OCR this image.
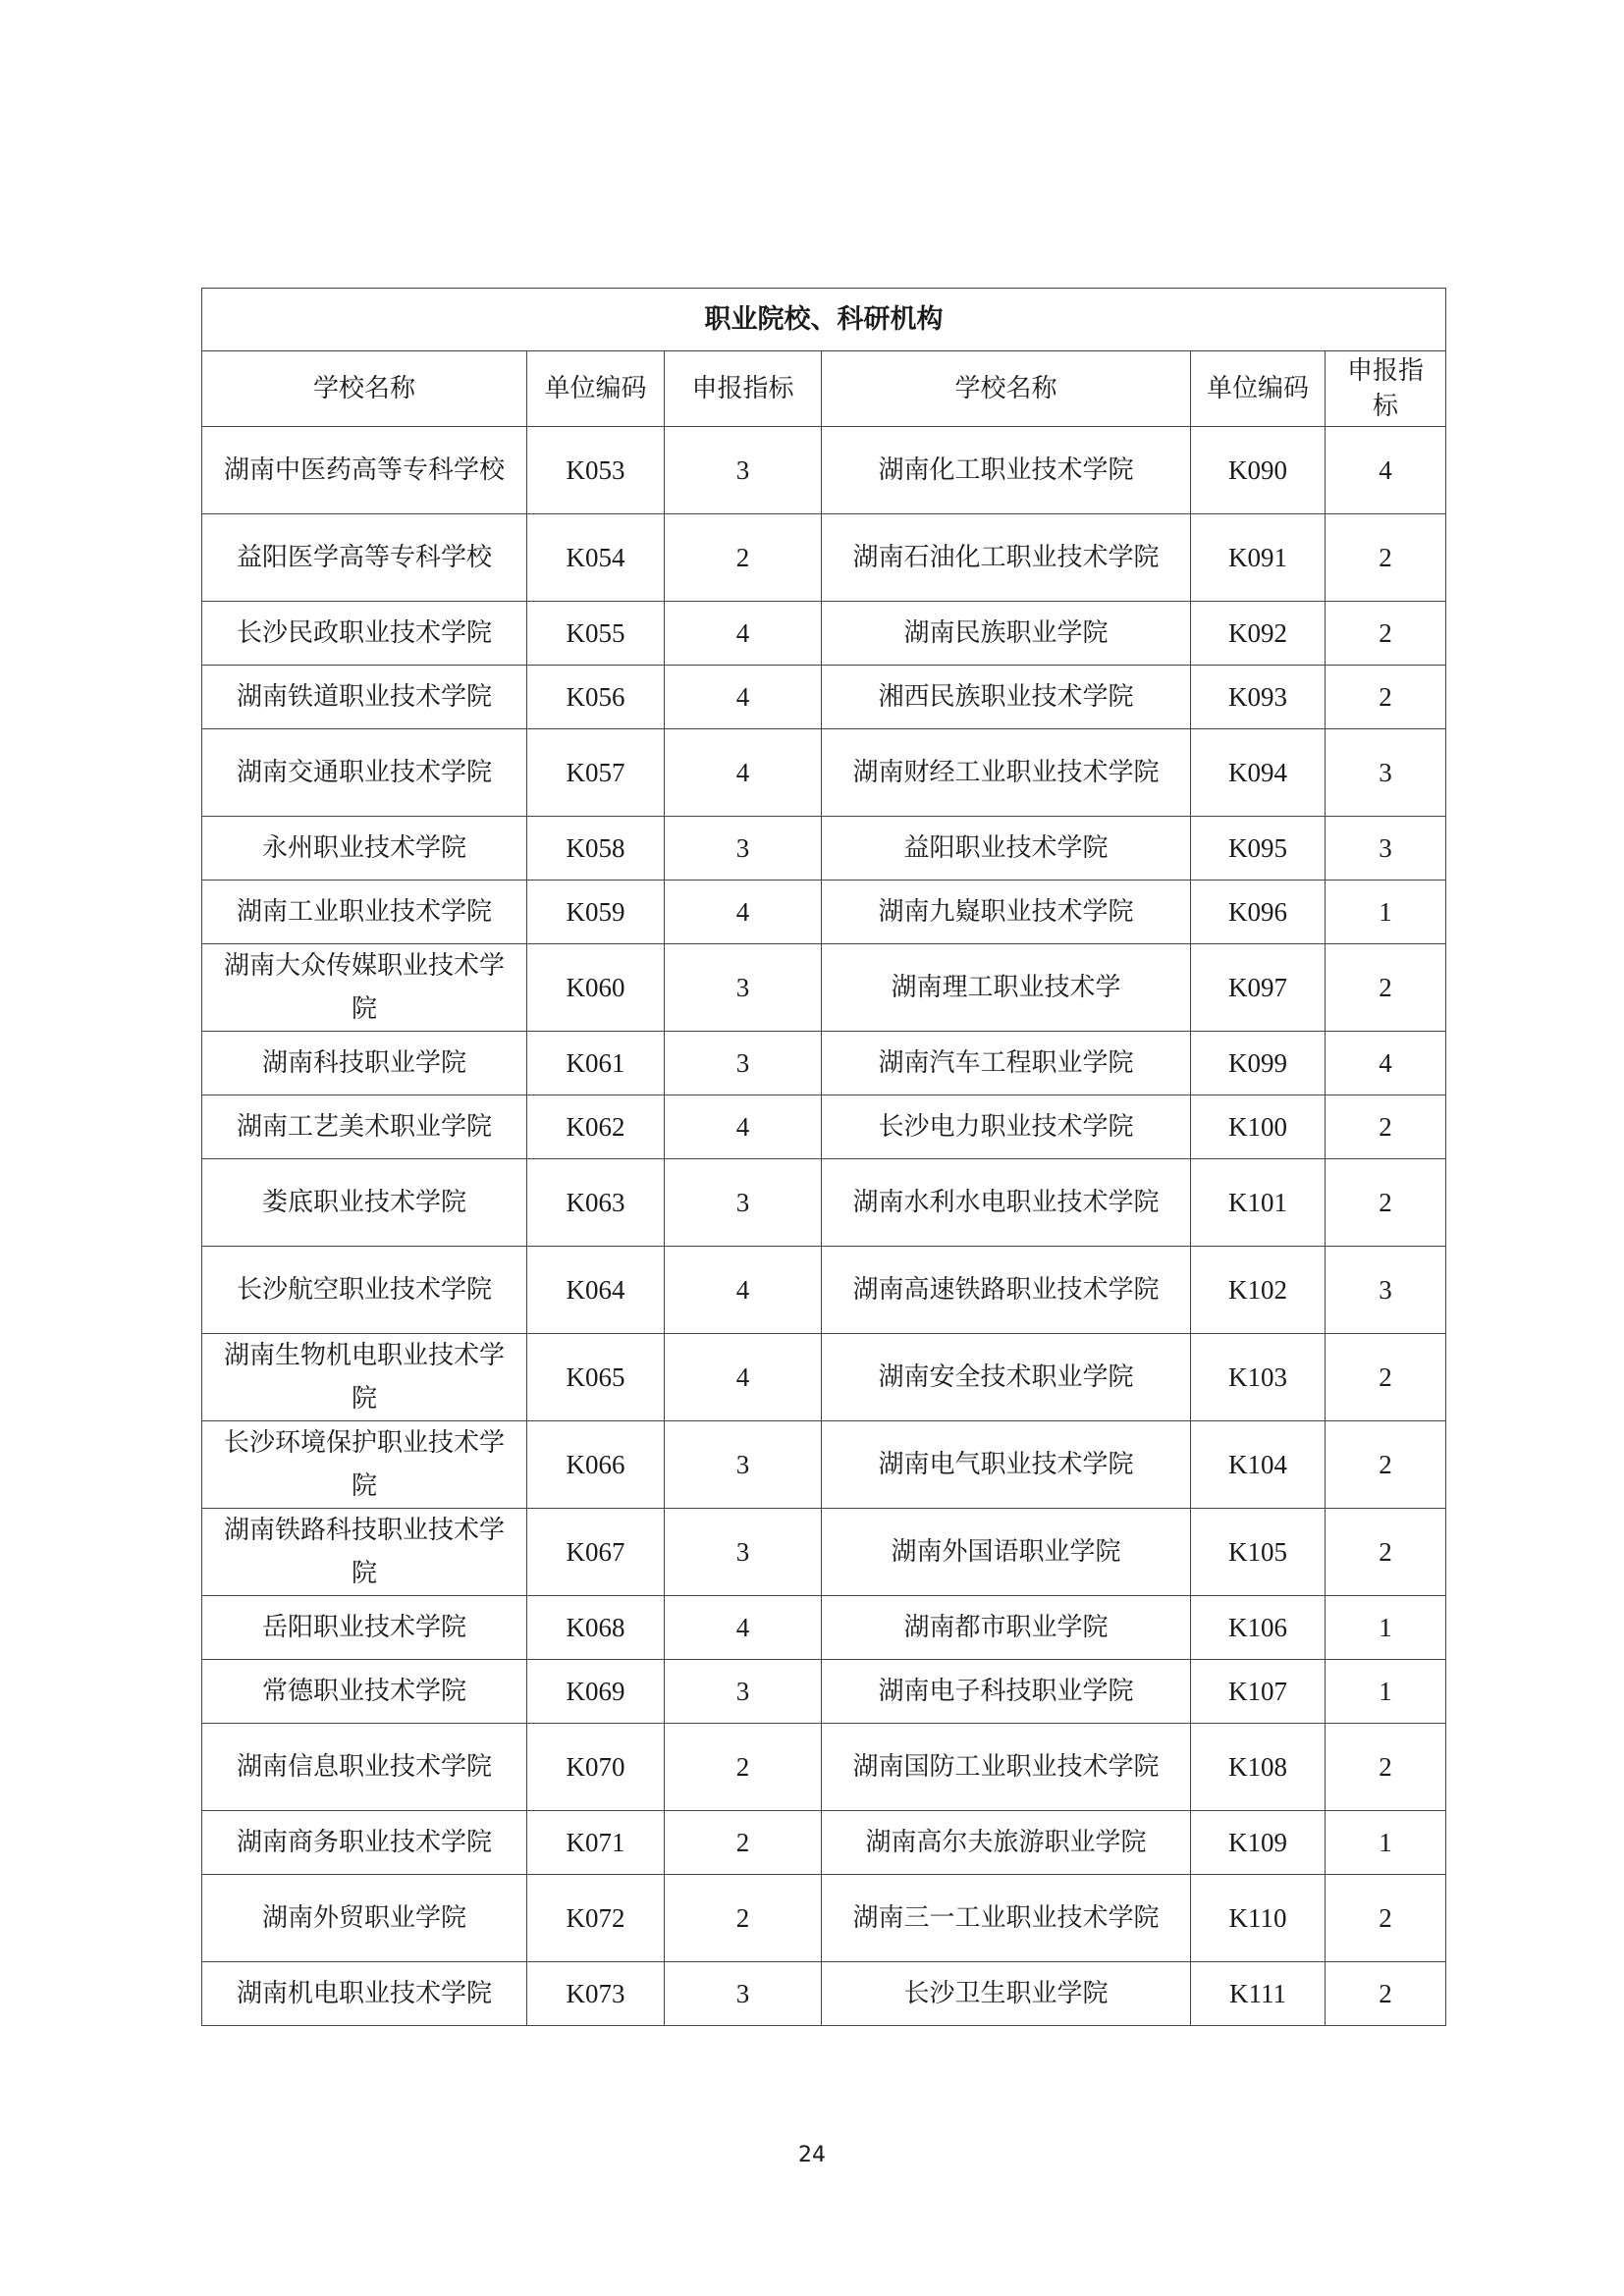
职业院校、科研机构					
学校名称	单位编码	申报指标	学校名称	单位编码	申报指标
湖南中医药高等专科学校	K053	3	湖南化工职业技术学院	K090	4
益阳医学高等专科学校	K054	2	湖南石油化工职业技术学院	K091	2
长沙民政职业技术学院	K055	4	湖南民族职业学院	K092	2
湖南铁道职业技术学院	K056	4	湘西民族职业技术学院	K093	2
湖南交通职业技术学院	K057	4	湖南财经工业职业技术学院	K094	3
永州职业技术学院	K058	3	益阳职业技术学院	K095	3
湖南工业职业技术学院	K059	4	湖南九嶷职业技术学院	K096	1
湖南大众传媒职业技术学院	K060	3	湖南理工职业技术学	K097	2
湖南科技职业学院	K061	3	湖南汽车工程职业学院	K099	4
湖南工艺美术职业学院	K062	4	长沙电力职业技术学院	K100	2
娄底职业技术学院	K063	3	湖南水利水电职业技术学院	K101	2
长沙航空职业技术学院	K064	4	湖南高速铁路职业技术学院	K102	3
湖南生物机电职业技术学院	K065	4	湖南安全技术职业学院	K103	2
长沙环境保护职业技术学院	K066	3	湖南电气职业技术学院	K104	2
湖南铁路科技职业技术学院	K067	3	湖南外国语职业学院	K105	2
岳阳职业技术学院	K068	4	湖南都市职业学院	K106	1
常德职业技术学院	K069	3	湖南电子科技职业学院	K107	1
湖南信息职业技术学院	K070	2	湖南国防工业职业技术学院	K108	2
湖南商务职业技术学院	K071	2	湖南高尔夫旅游职业学院	K109	1
湖南外贸职业学院	K072	2	湖南三一工业职业技术学院	K110	2
湖南机电职业技术学院	K073	3	长沙卫生职业学院	K111	2
24
